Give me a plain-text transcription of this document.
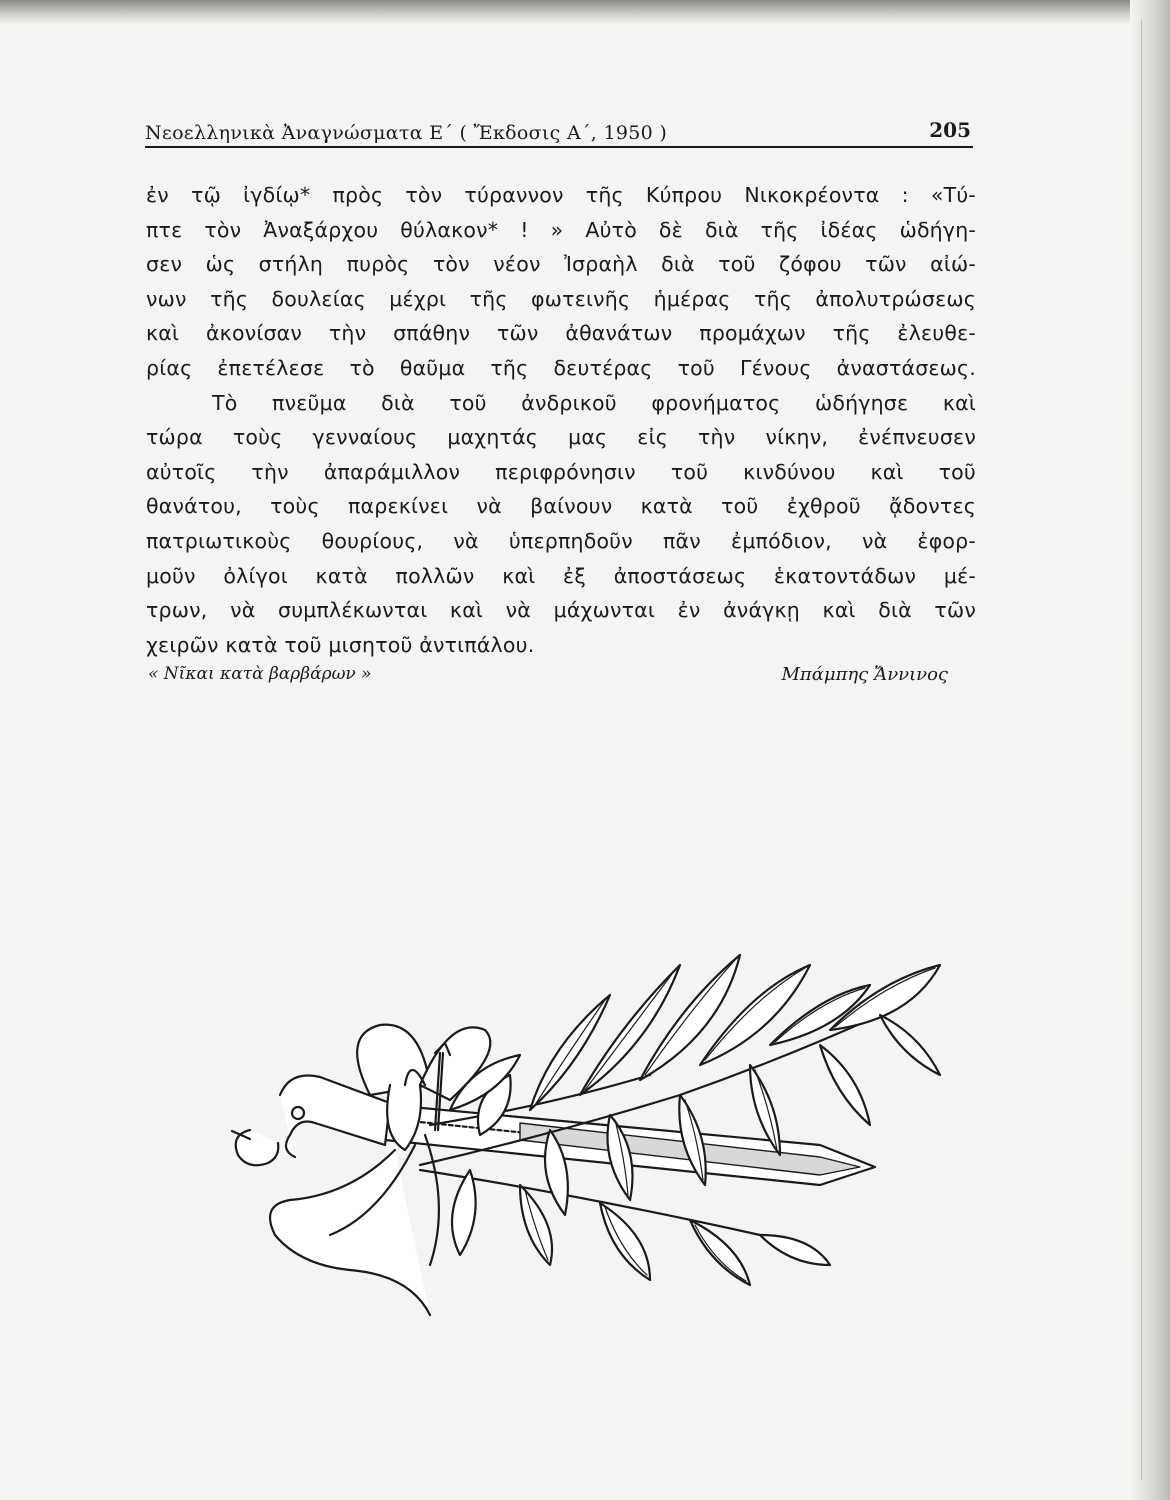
Νεοελληνικὰ Ἀναγνώσματα Ε΄ ( Ἔκδοσις Α΄, 1950 )	205
ἐν τῷ ἰγδίῳ* πρὸς τὸν τύραννον τῆς Κύπρου Νικοκρέοντα : «Τύ-
πτε τὸν Ἀναξάρχου θύλακον* ! » Αὐτὸ δὲ διὰ τῆς ἰδέας ὡδήγη-
σεν ὡς στήλη πυρὸς τὸν νέον Ἰσραὴλ διὰ τοῦ ζόφου τῶν αἰώ-
νων τῆς δουλείας μέχρι τῆς φωτεινῆς ἡμέρας τῆς ἀπολυτρώσεως
καὶ ἀκονίσαν τὴν σπάθην τῶν ἀθανάτων προμάχων τῆς ἐλευθε-
ρίας ἐπετέλεσε τὸ θαῦμα τῆς δευτέρας τοῦ Γένους ἀναστάσεως.
Τὸ πνεῦμα διὰ τοῦ ἀνδρικοῦ φρονήματος ὡδήγησε καὶ
τώρα τοὺς γενναίους μαχητάς μας εἰς τὴν νίκην, ἐνέπνευσεν
αὐτοῖς τὴν ἀπαράμιλλον περιφρόνησιν τοῦ κινδύνου καὶ τοῦ
θανάτου, τοὺς παρεκίνει νὰ βαίνουν κατὰ τοῦ ἐχθροῦ ᾄδοντες
πατριωτικοὺς θουρίους, νὰ ὑπερπηδοῦν πᾶν ἐμπόδιον, νὰ ἐφορ-
μοῦν ὀλίγοι κατὰ πολλῶν καὶ ἐξ ἀποστάσεως ἑκατοντάδων μέ-
τρων, νὰ συμπλέκωνται καὶ νὰ μάχωνται ἐν ἀνάγκῃ καὶ διὰ τῶν
χειρῶν κατὰ τοῦ μισητοῦ ἀντιπάλου.
« Νῖκαι κατὰ βαρβάρων »	Μπάμπης Ἄννινος
